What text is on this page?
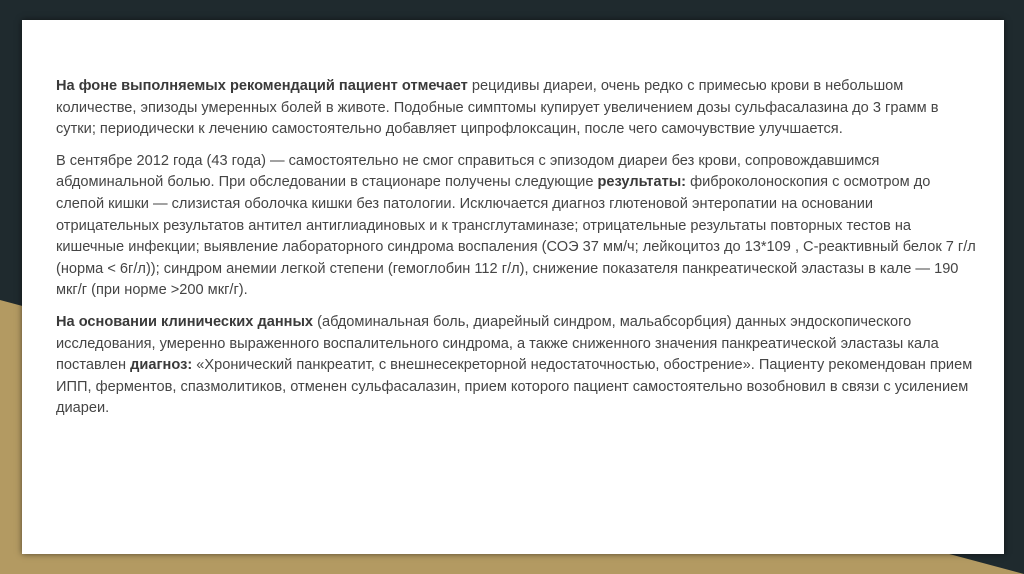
На фоне выполняемых рекомендаций пациент отмечает рецидивы диареи, очень редко с примесью крови в небольшом количестве, эпизоды умеренных болей в животе. Подобные симптомы купирует увеличением дозы сульфасалазина до 3 грамм в сутки; периодически к лечению самостоятельно добавляет ципрофлоксацин, после чего самочувствие улучшается.

В сентябре 2012 года (43 года) — самостоятельно не смог справиться с эпизодом диареи без крови, сопровождавшимся абдоминальной болью. При обследовании в стационаре получены следующие результаты: фиброколоноскопия с осмотром до слепой кишки — слизистая оболочка кишки без патологии. Исключается диагноз глютеновой энтеропатии на основании отрицательных результатов антител антиглиадиновых и к трансглутаминазе; отрицательные результаты повторных тестов на кишечные инфекции; выявление лабораторного синдрома воспаления (СОЭ 37 мм/ч; лейкоцитоз до 13*109 , С-реактивный белок 7 г/л (норма < 6г/л)); синдром анемии легкой степени (гемоглобин 112 г/л), снижение показателя панкреатической эластазы в кале — 190 мкг/г (при норме >200 мкг/г).

На основании клинических данных (абдоминальная боль, диарейный синдром, мальабсорбция) данных эндоскопического исследования, умеренно выраженного воспалительного синдрома, а также сниженного значения панкреатической эластазы кала поставлен диагноз: «Хронический панкреатит, с внешнесекреторной недостаточностью, обострение». Пациенту рекомендован прием ИПП, ферментов, спазмолитиков, отменен сульфасалазин, прием которого пациент самостоятельно возобновил в связи с усилением диареи.
